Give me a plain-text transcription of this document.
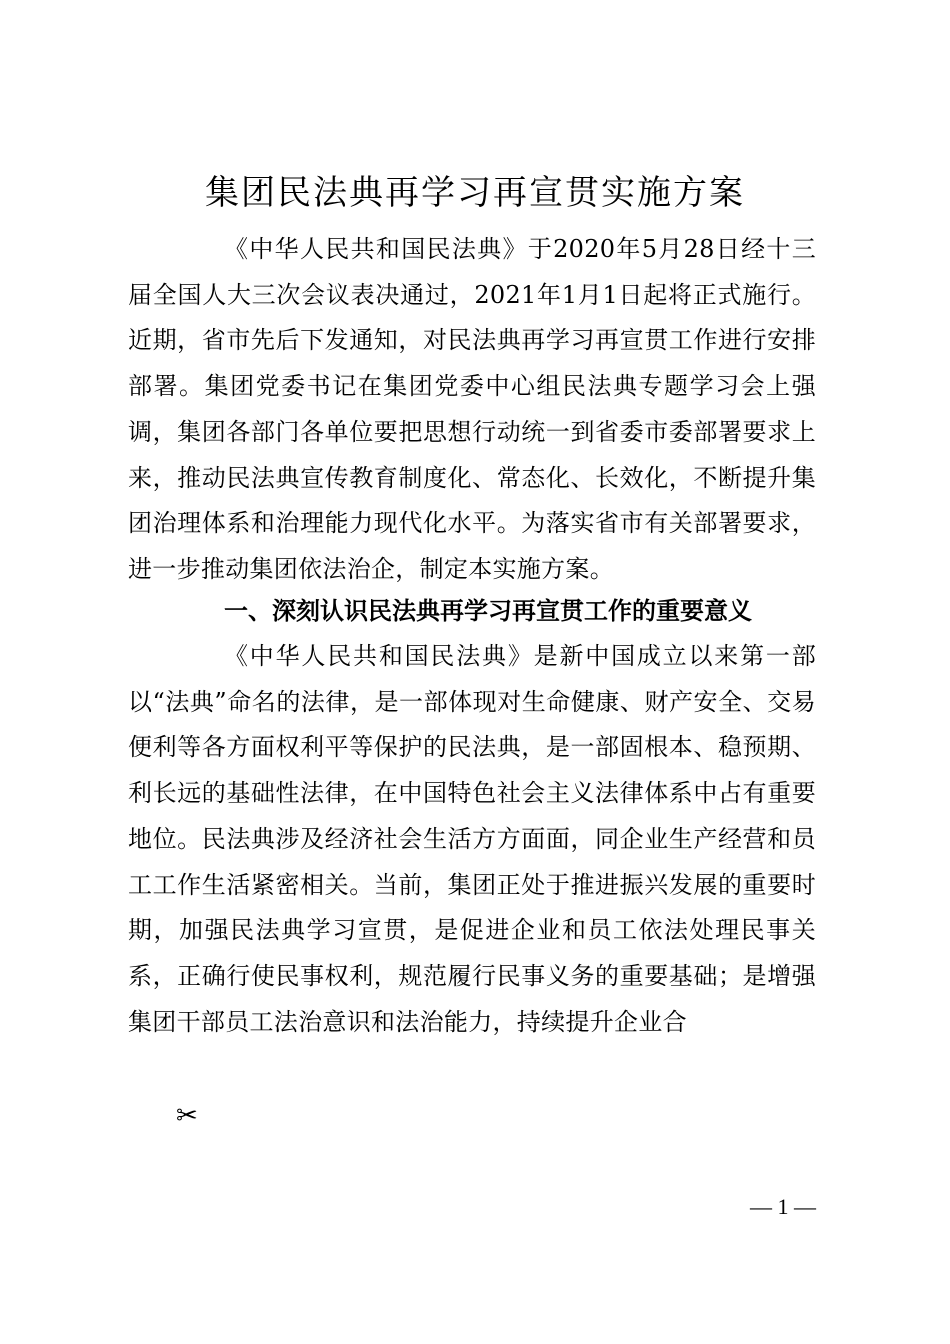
集团民法典再学习再宣贯实施方案

《中华人民共和国民法典》于2020年5月28日经十三届全国人大三次会议表决通过，2021年1月1日起将正式施行。近期，省市先后下发通知，对民法典再学习再宣贯工作进行安排部署。集团党委书记在集团党委中心组民法典专题学习会上强调，集团各部门各单位要把思想行动统一到省委市委部署要求上来，推动民法典宣传教育制度化、常态化、长效化，不断提升集团治理体系和治理能力现代化水平。为落实省市有关部署要求，进一步推动集团依法治企，制定本实施方案。

一、深刻认识民法典再学习再宣贯工作的重要意义

《中华人民共和国民法典》是新中国成立以来第一部以“法典”命名的法律，是一部体现对生命健康、财产安全、交易便利等各方面权利平等保护的民法典，是一部固根本、稳预期、利长远的基础性法律，在中国特色社会主义法律体系中占有重要地位。民法典涉及经济社会生活方方面面，同企业生产经营和员工工作生活紧密相关。当前，集团正处于推进振兴发展的重要时期，加强民法典学习宣贯，是促进企业和员工依法处理民事关系，正确行使民事权利，规范履行民事义务的重要基础；是增强集团干部员工法治意识和法治能力，持续提升企业合

✂
— 1 —
